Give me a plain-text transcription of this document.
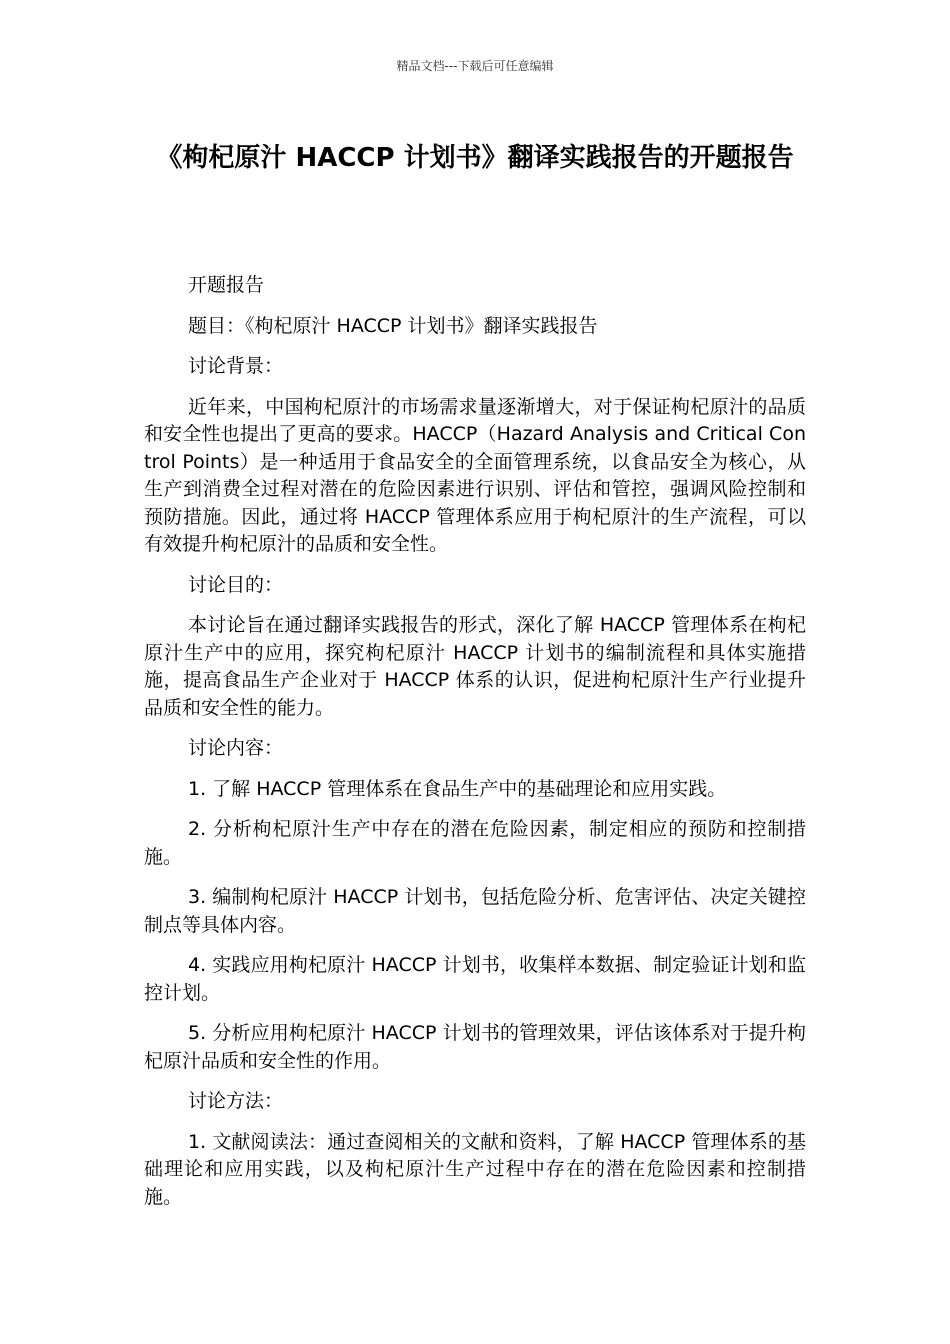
精品文档---下载后可任意编辑
《枸杞原汁 HACCP 计划书》翻译实践报告的开题报告

开题报告

题目：《枸杞原汁 HACCP 计划书》翻译实践报告

讨论背景：

近年来，中国枸杞原汁的市场需求量逐渐增大，对于保证枸杞原汁的品质和安全性也提出了更高的要求。HACCP（Hazard Analysis and Critical Control Points）是一种适用于食品安全的全面管理系统，以食品安全为核心，从生产到消费全过程对潜在的危险因素进行识别、评估和管控，强调风险控制和预防措施。因此，通过将 HACCP 管理体系应用于枸杞原汁的生产流程，可以有效提升枸杞原汁的品质和安全性。

讨论目的：

本讨论旨在通过翻译实践报告的形式，深化了解 HACCP 管理体系在枸杞原汁生产中的应用，探究枸杞原汁 HACCP 计划书的编制流程和具体实施措施，提高食品生产企业对于 HACCP 体系的认识，促进枸杞原汁生产行业提升品质和安全性的能力。

讨论内容：

1. 了解 HACCP 管理体系在食品生产中的基础理论和应用实践。

2. 分析枸杞原汁生产中存在的潜在危险因素，制定相应的预防和控制措施。

3. 编制枸杞原汁 HACCP 计划书，包括危险分析、危害评估、决定关键控制点等具体内容。

4. 实践应用枸杞原汁 HACCP 计划书，收集样本数据、制定验证计划和监控计划。

5. 分析应用枸杞原汁 HACCP 计划书的管理效果，评估该体系对于提升枸杞原汁品质和安全性的作用。

讨论方法：

1. 文献阅读法：通过查阅相关的文献和资料，了解 HACCP 管理体系的基础理论和应用实践，以及枸杞原汁生产过程中存在的潜在危险因素和控制措施。
